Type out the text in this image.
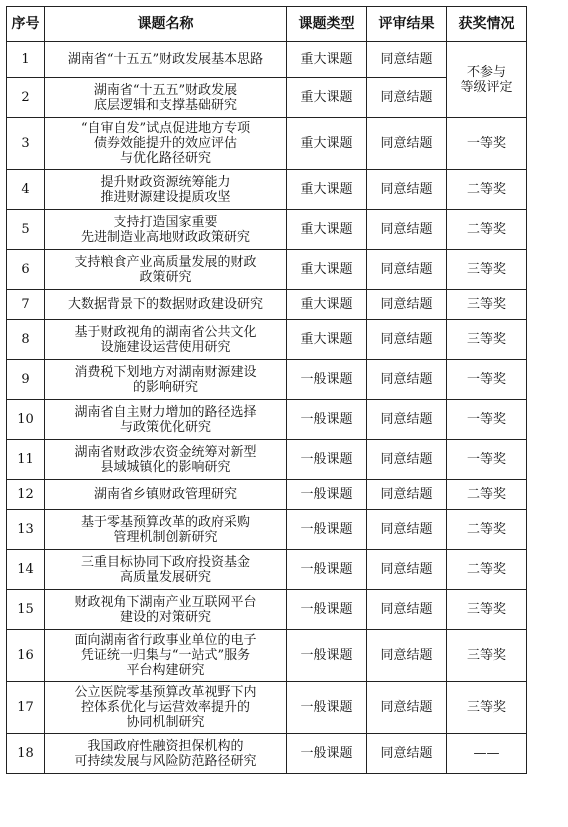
序号	课题名称	课题类型	评审结果	获奖情况
1	湖南省“十五五”财政发展基本思路	重大课题	同意结题	不参与
等级评定
2	湖南省“十五五”财政发展
底层逻辑和支撑基础研究	重大课题	同意结题	
3	“自审自发”试点促进地方专项
债券效能提升的效应评估
与优化路径研究	重大课题	同意结题	一等奖
4	提升财政资源统筹能力
推进财源建设提质攻坚	重大课题	同意结题	二等奖
5	支持打造国家重要
先进制造业高地财政政策研究	重大课题	同意结题	二等奖
6	支持粮食产业高质量发展的财政
政策研究	重大课题	同意结题	三等奖
7	大数据背景下的数据财政建设研究	重大课题	同意结题	三等奖
8	基于财政视角的湖南省公共文化
设施建设运营使用研究	重大课题	同意结题	三等奖
9	消费税下划地方对湖南财源建设
的影响研究	一般课题	同意结题	一等奖
10	湖南省自主财力增加的路径选择
与政策优化研究	一般课题	同意结题	一等奖
11	湖南省财政涉农资金统筹对新型
县域城镇化的影响研究	一般课题	同意结题	一等奖
12	湖南省乡镇财政管理研究	一般课题	同意结题	二等奖
13	基于零基预算改革的政府采购
管理机制创新研究	一般课题	同意结题	二等奖
14	三重目标协同下政府投资基金
高质量发展研究	一般课题	同意结题	二等奖
15	财政视角下湖南产业互联网平台
建设的对策研究	一般课题	同意结题	三等奖
16	面向湖南省行政事业单位的电子
凭证统一归集与“一站式”服务
平台构建研究	一般课题	同意结题	三等奖
17	公立医院零基预算改革视野下内
控体系优化与运营效率提升的
协同机制研究	一般课题	同意结题	三等奖
18	我国政府性融资担保机构的
可持续发展与风险防范路径研究	一般课题	同意结题	——
